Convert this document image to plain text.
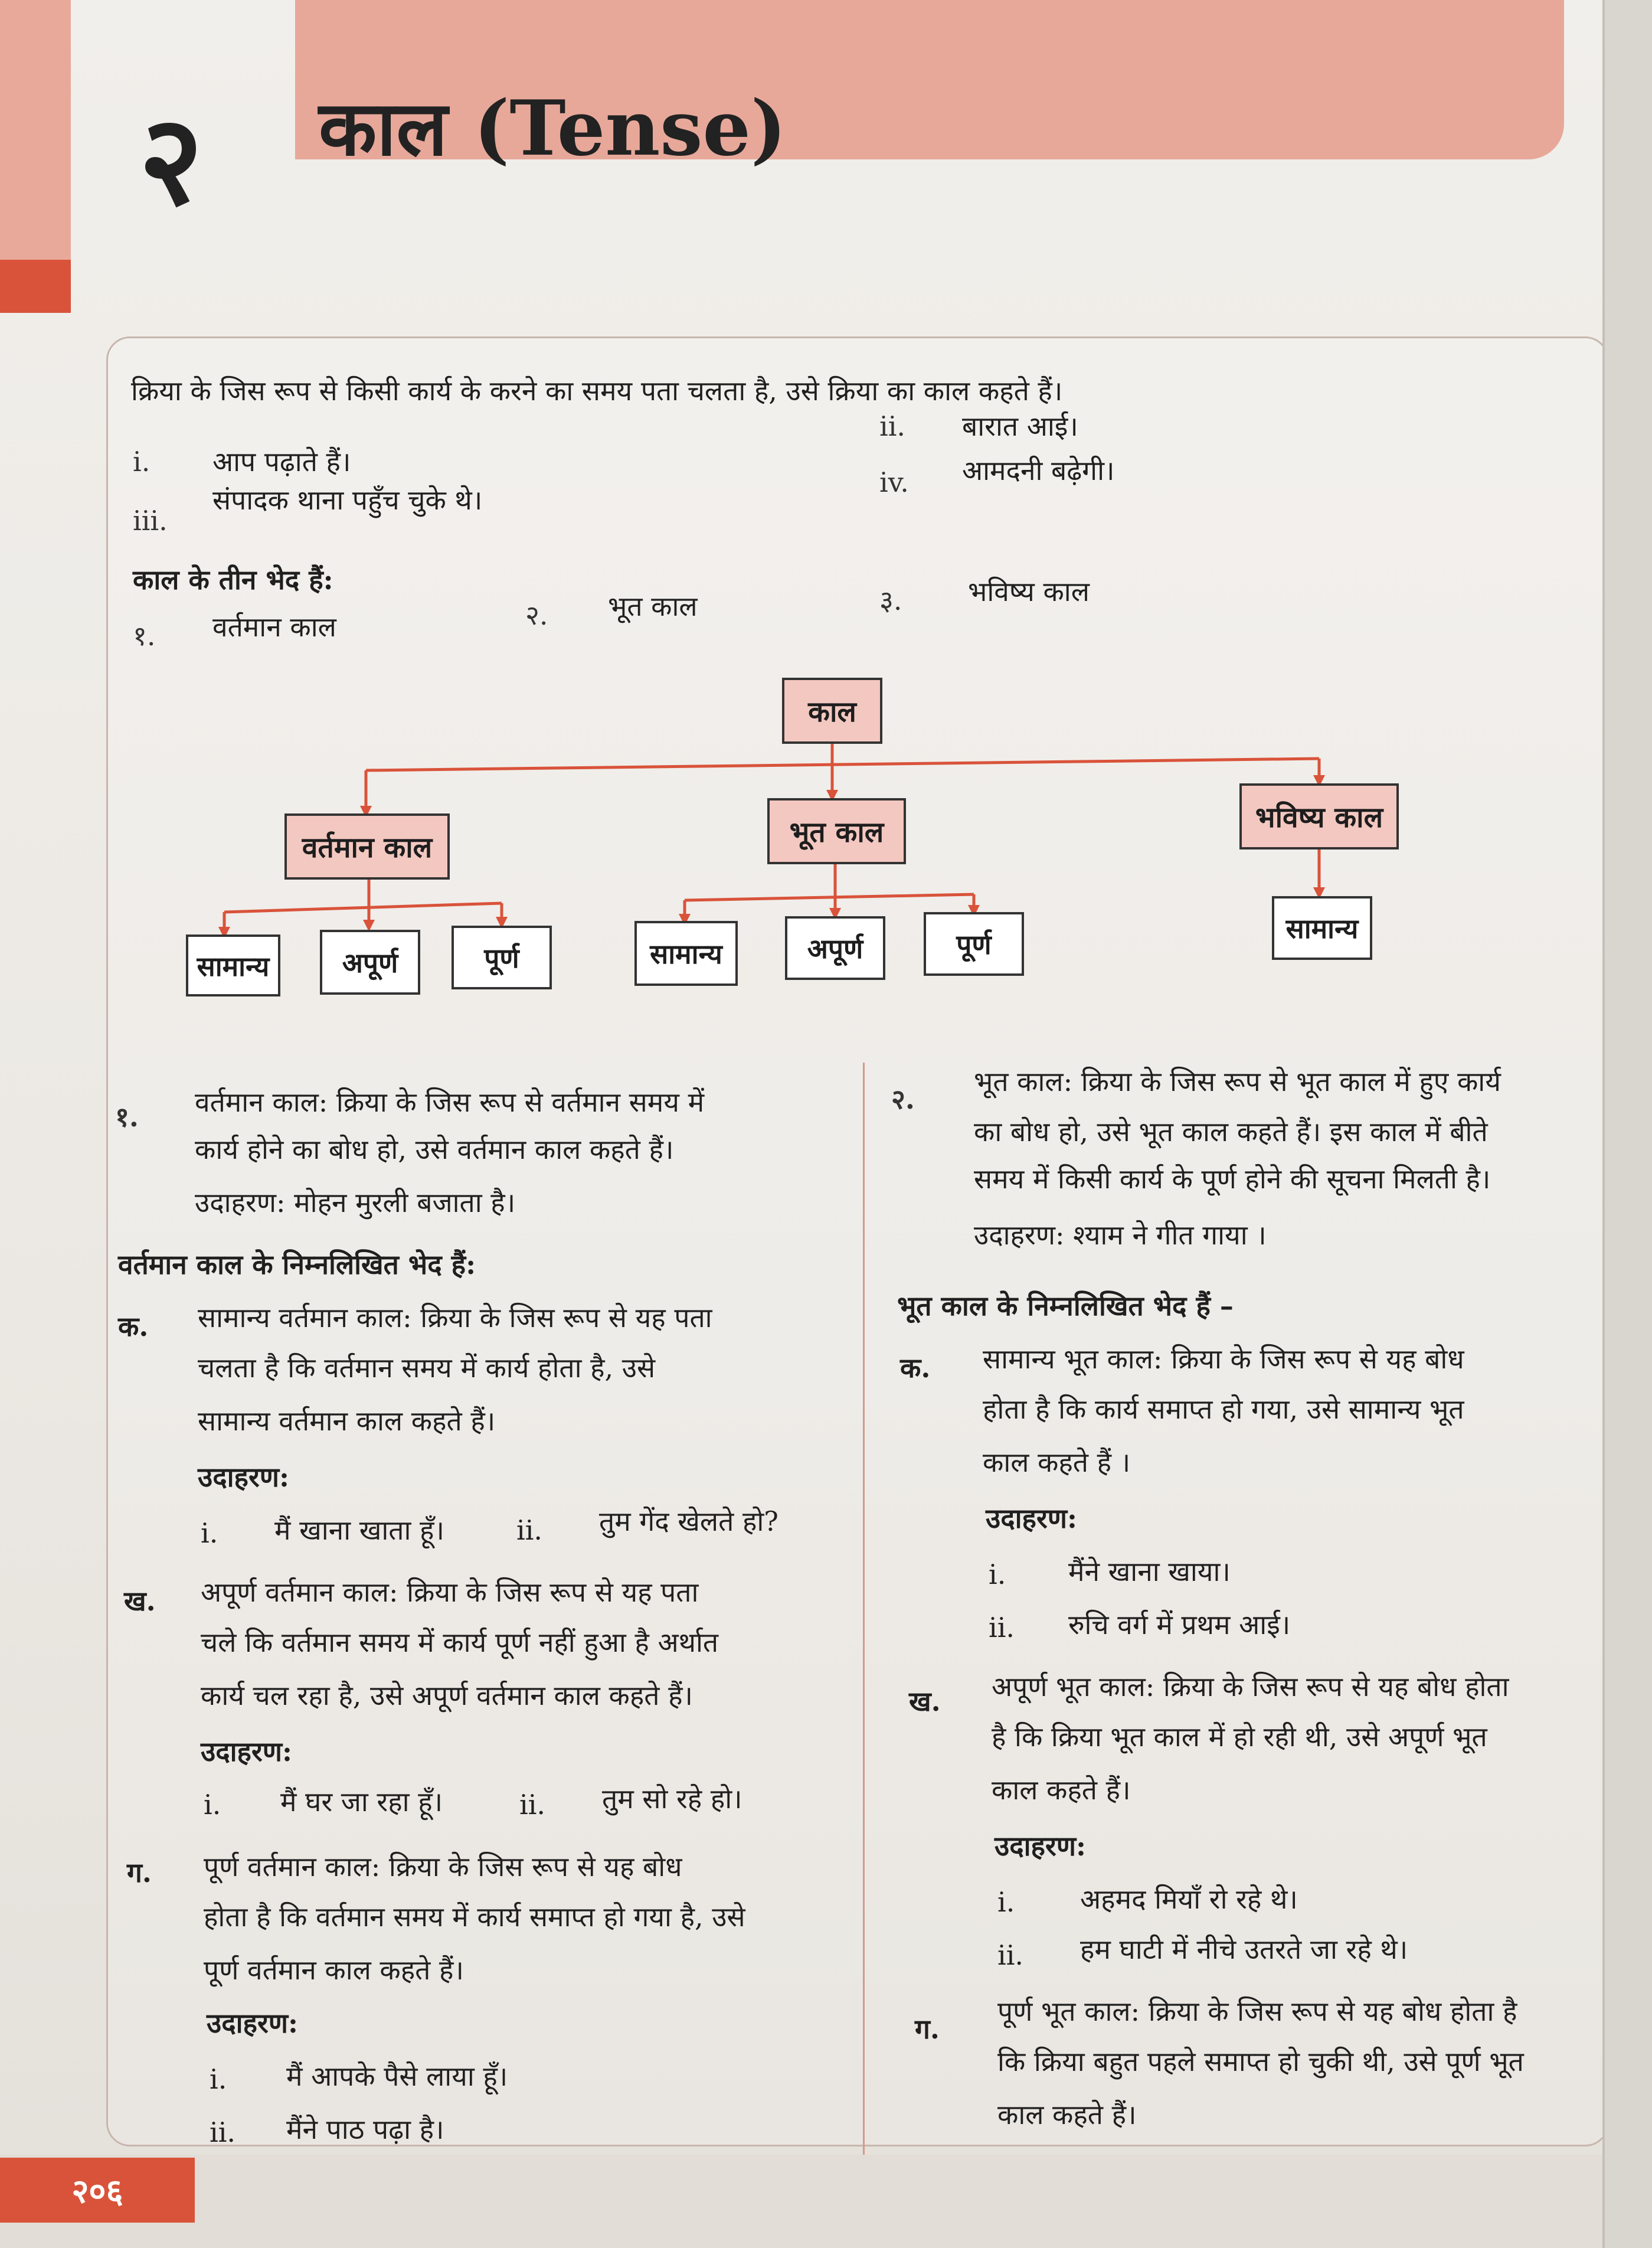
२ काल (Tense)
क्रिया के जिस रूप से किसी कार्य के करने का समय पता चलता है, उसे क्रिया का काल कहते हैं।
i. आप पढ़ाते हैं।
ii. बारात आई।
iii.
संपादक थाना पहुँच चुके थे।
iv. आमदनी बढ़ेगी।
काल के तीन भेद हैं:
१. वर्तमान काल	२. भूत काल	३. भविष्य काल
काल
वर्तमान काल	भूत काल	भविष्य काल
सामान्य	अपूर्ण	पूर्ण	सामान्य	अपूर्ण	पूर्ण	सामान्य
१. वर्तमान काल: क्रिया के जिस रूप से वर्तमान समय में
कार्य होने का बोध हो, उसे वर्तमान काल कहते हैं।
उदाहरण: मोहन मुरली बजाता है।
वर्तमान काल के निम्नलिखित भेद हैं:
क. सामान्य वर्तमान काल: क्रिया के जिस रूप से यह पता
चलता है कि वर्तमान समय में कार्य होता है, उसे
सामान्य वर्तमान काल कहते हैं।
उदाहरण:
i. मैं खाना खाता हूँ।	ii. तुम गेंद खेलते हो?
ख. अपूर्ण वर्तमान काल: क्रिया के जिस रूप से यह पता
चले कि वर्तमान समय में कार्य पूर्ण नहीं हुआ है अर्थात
कार्य चल रहा है, उसे अपूर्ण वर्तमान काल कहते हैं।
उदाहरण:
i. मैं घर जा रहा हूँ।	ii. तुम सो रहे हो।
ग. पूर्ण वर्तमान काल: क्रिया के जिस रूप से यह बोध
होता है कि वर्तमान समय में कार्य समाप्त हो गया है, उसे
पूर्ण वर्तमान काल कहते हैं।
उदाहरण:
i. मैं आपके पैसे लाया हूँ।
ii. मैंने पाठ पढ़ा है।
२.
भूत काल: क्रिया के जिस रूप से भूत काल में हुए कार्य
का बोध हो, उसे भूत काल कहते हैं। इस काल में बीते
समय में किसी कार्य के पूर्ण होने की सूचना मिलती है।
उदाहरण: श्याम ने गीत गाया ।
भूत काल के निम्नलिखित भेद हैं –
क. सामान्य भूत काल: क्रिया के जिस रूप से यह बोध
होता है कि कार्य समाप्त हो गया, उसे सामान्य भूत
काल कहते हैं ।
उदाहरण:
i. मैंने खाना खाया।
ii. रुचि वर्ग में प्रथम आई।
ख. अपूर्ण भूत काल: क्रिया के जिस रूप से यह बोध होता
है कि क्रिया भूत काल में हो रही थी, उसे अपूर्ण भूत
काल कहते हैं।
उदाहरण:
i. अहमद मियाँ रो रहे थे।
ii. हम घाटी में नीचे उतरते जा रहे थे।
ग.
पूर्ण भूत काल: क्रिया के जिस रूप से यह बोध होता है
कि क्रिया बहुत पहले समाप्त हो चुकी थी, उसे पूर्ण भूत
काल कहते हैं।
२०६
